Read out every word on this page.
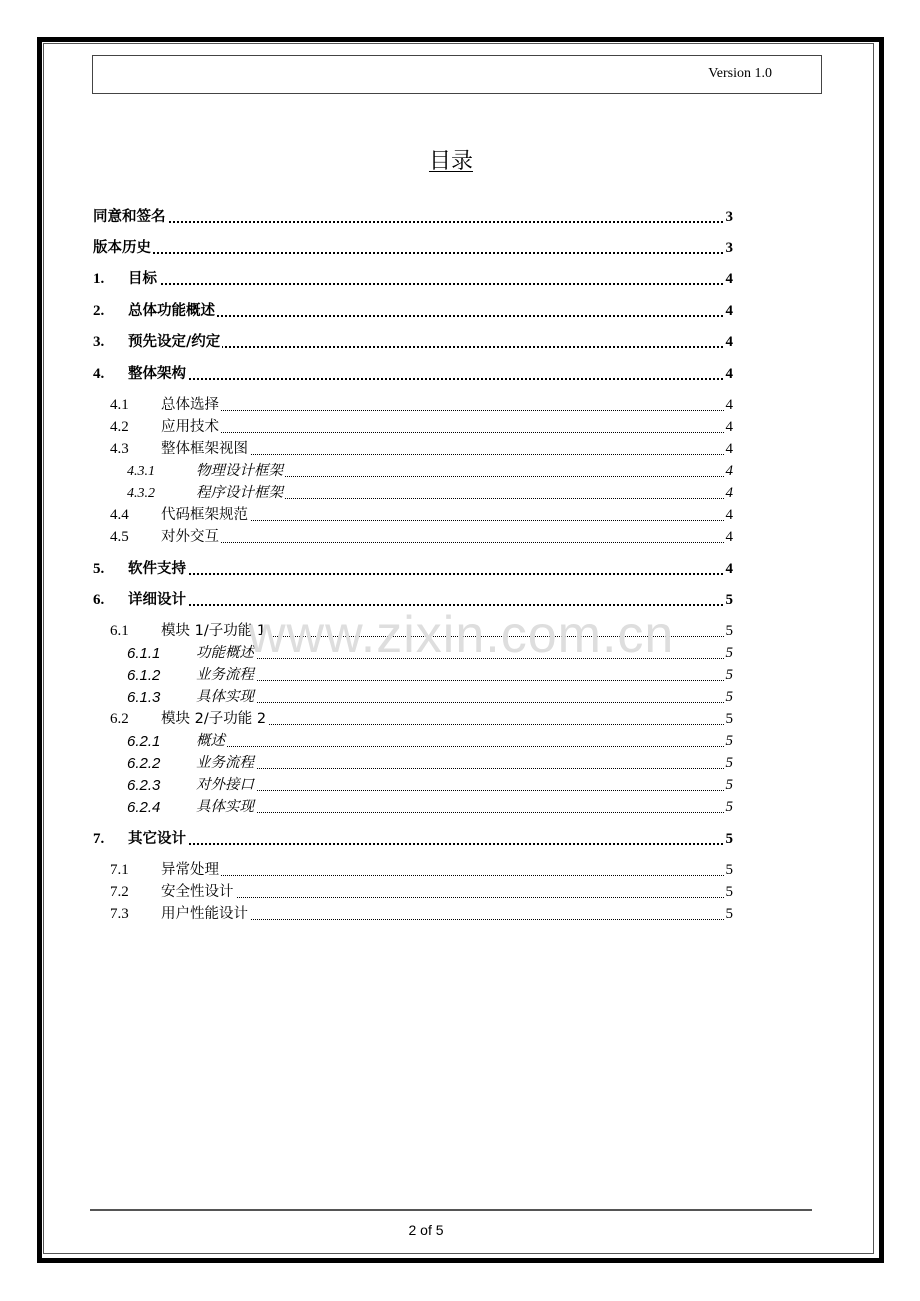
Version 1.0
目录
同意和签名	3
版本历史	3
1. 目标	4
2. 总体功能概述	4
3. 预先设定/约定	4
4. 整体架构	4
4.1 总体选择	4
4.2 应用技术	4
4.3 整体框架视图	4
4.3.1	物理设计框架	4
4.3.2	程序设计框架	4
4.4 代码框架规范	4
4.5 对外交互	4
5. 软件支持	4
6. 详细设计	5
6.1 模块 1/子功能 1	5
6.1.1 功能概述	5
6.1.2 业务流程	5
6.1.3 具体实现	5
6.2 模块 2/子功能 2	5
6.2.1 概述	5
6.2.2 业务流程	5
6.2.3 对外接口	5
6.2.4 具体实现	5
7. 其它设计	5
7.1 异常处理	5
7.2 安全性设计	5
7.3 用户性能设计	5
www.zixin.com.cn
2 of 5
